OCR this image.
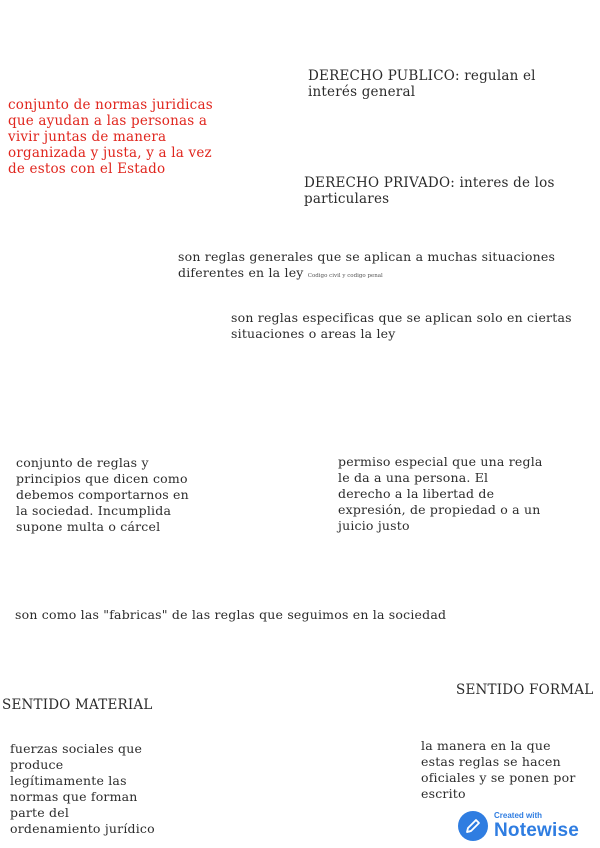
DERECHO PUBLICO: regulan el interés general
conjunto de normas juridicas que ayudan a las personas a vivir juntas de manera organizada y justa, y a la vez de estos con el Estado
DERECHO PRIVADO: interes de los particulares
son reglas generales que se aplican a muchas situaciones diferentes en la ley Codigo civil y codigo penal
son reglas especificas que se aplican solo en ciertas situaciones o areas la ley
conjunto de reglas y principios que dicen como debemos comportarnos en la sociedad. Incumplida supone multa o cárcel
permiso especial que una regla le da a una persona. El derecho a la libertad de expresión, de propiedad o a un juicio justo
son como las "fabricas" de las reglas que seguimos en la sociedad
SENTIDO FORMAL
SENTIDO MATERIAL
fuerzas sociales que produce legítimamente las normas que forman parte del ordenamiento jurídico
la manera en la que estas reglas se hacen oficiales y se ponen por escrito
Created with
Notewise
